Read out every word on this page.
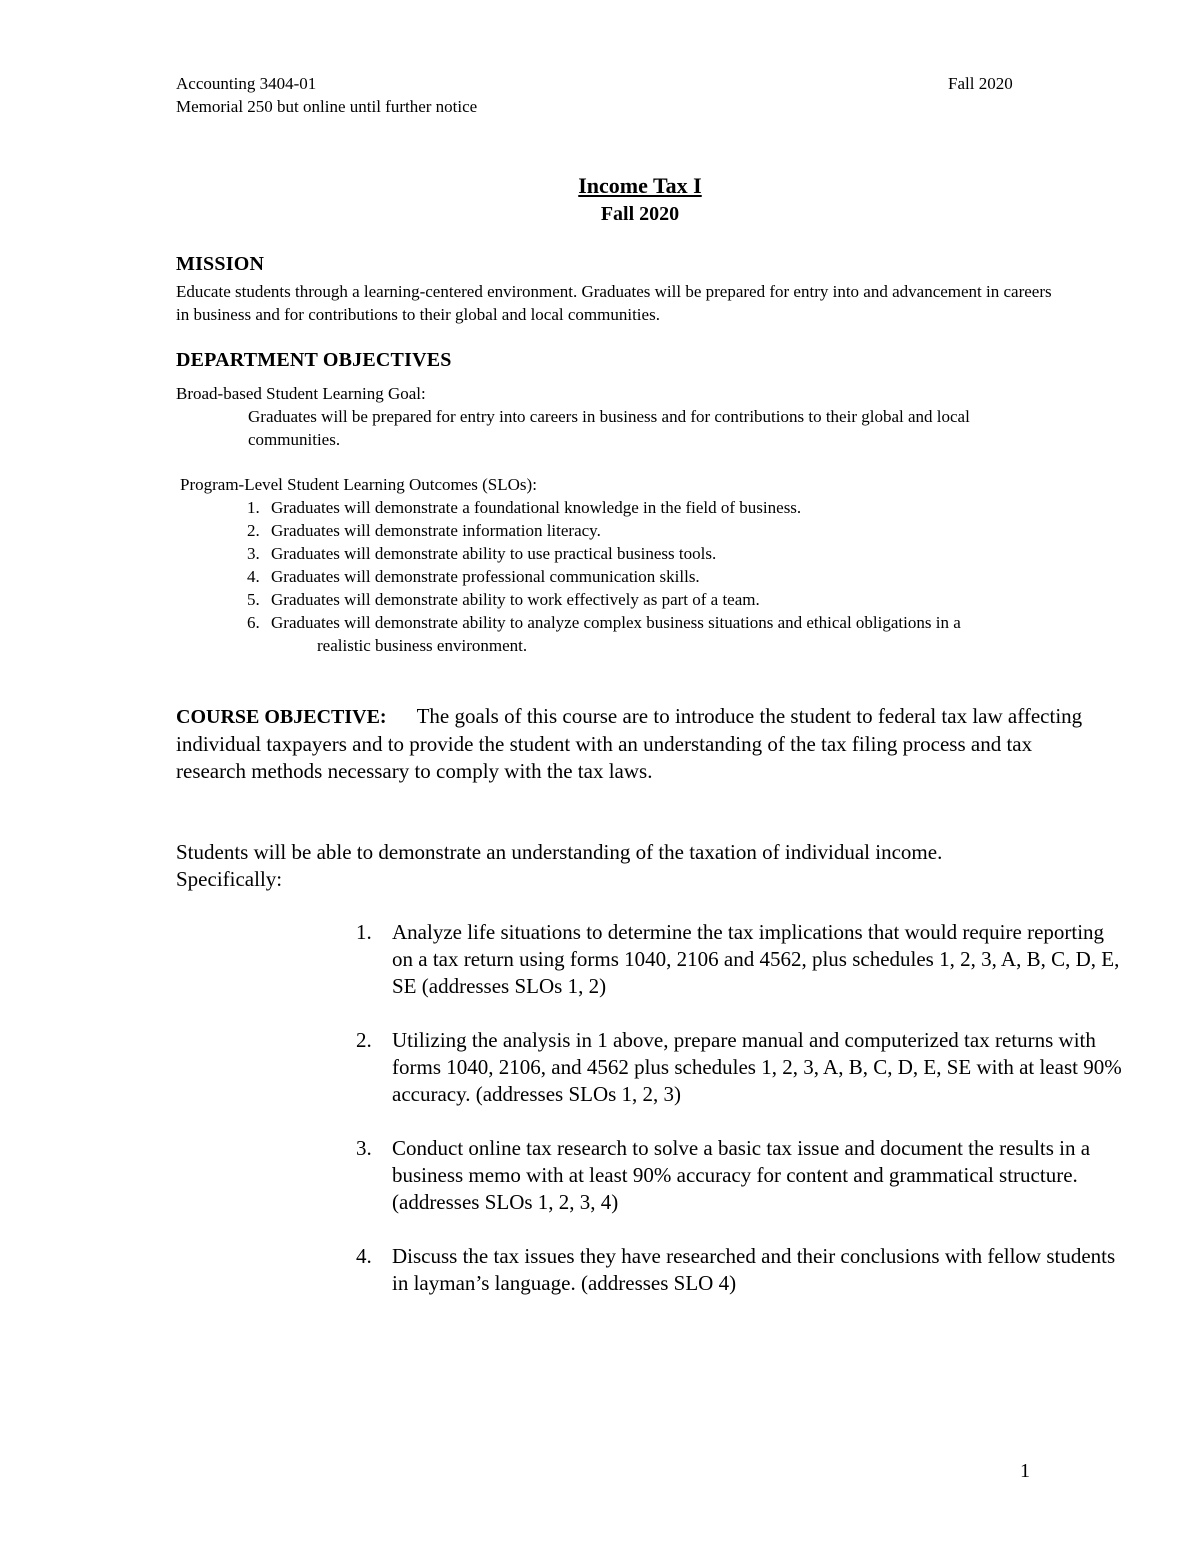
Accounting 3404-01	Fall 2020
Memorial 250 but online until further notice
Income Tax I
Fall 2020
MISSION
Educate students through a learning-centered environment. Graduates will be prepared for entry into and advancement in careers in business and for contributions to their global and local communities.
DEPARTMENT OBJECTIVES
Broad-based Student Learning Goal:
Graduates will be prepared for entry into careers in business and for contributions to their global and local communities.
Program-Level Student Learning Outcomes (SLOs):
1. Graduates will demonstrate a foundational knowledge in the field of business.
2. Graduates will demonstrate information literacy.
3. Graduates will demonstrate ability to use practical business tools.
4. Graduates will demonstrate professional communication skills.
5. Graduates will demonstrate ability to work effectively as part of a team.
6. Graduates will demonstrate ability to analyze complex business situations and ethical obligations in a
realistic business environment.
COURSE OBJECTIVE: The goals of this course are to introduce the student to federal tax law affecting individual taxpayers and to provide the student with an understanding of the tax filing process and tax research methods necessary to comply with the tax laws.
Students will be able to demonstrate an understanding of the taxation of individual income. Specifically:
1. Analyze life situations to determine the tax implications that would require reporting on a tax return using forms 1040, 2106 and 4562, plus schedules 1, 2, 3, A, B, C, D, E, SE (addresses SLOs 1, 2)
2. Utilizing the analysis in 1 above, prepare manual and computerized tax returns with forms 1040, 2106, and 4562 plus schedules 1, 2, 3, A, B, C, D, E, SE with at least 90% accuracy. (addresses SLOs 1, 2, 3)
3. Conduct online tax research to solve a basic tax issue and document the results in a business memo with at least 90% accuracy for content and grammatical structure. (addresses SLOs 1, 2, 3, 4)
4. Discuss the tax issues they have researched and their conclusions with fellow students in layman’s language. (addresses SLO 4)
1
